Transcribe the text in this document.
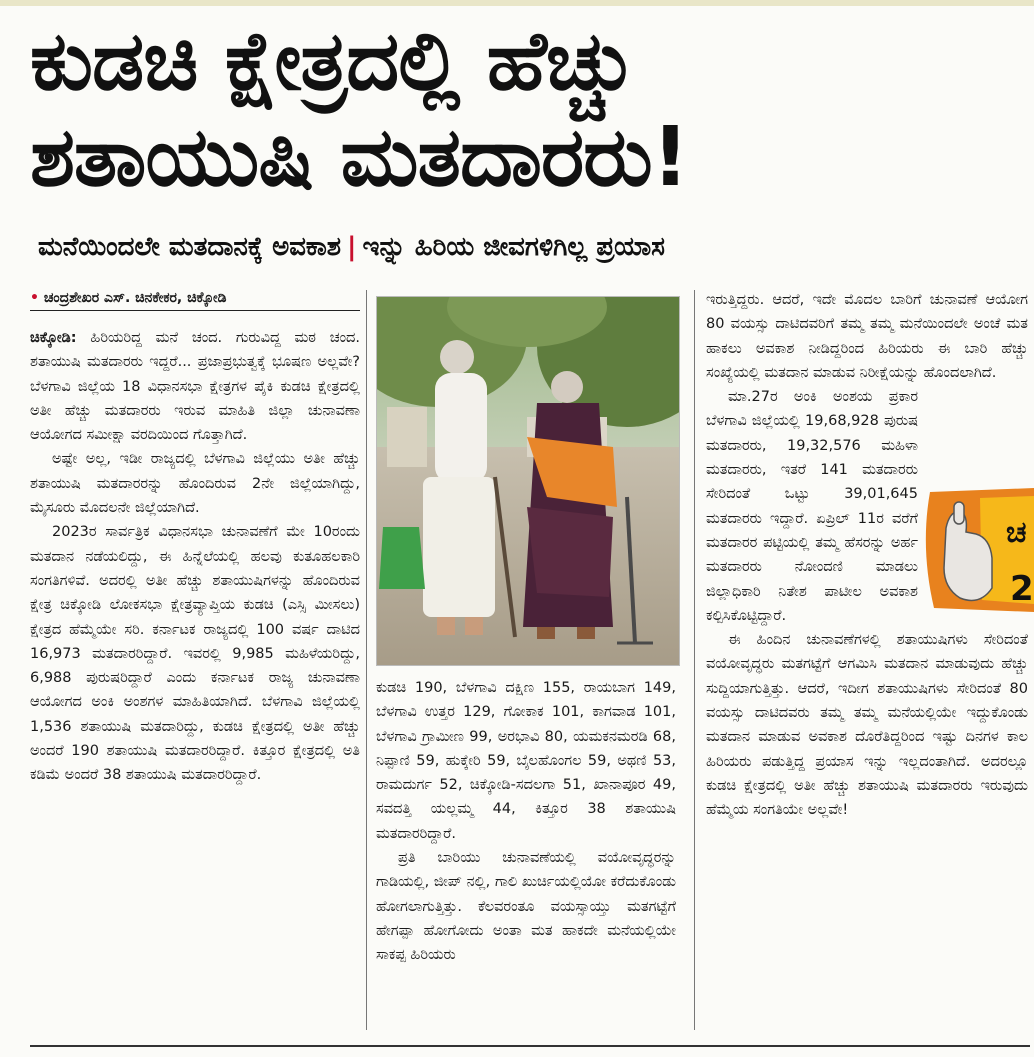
ಕುಡಚಿ ಕ್ಷೇತ್ರದಲ್ಲಿ ಹೆಚ್ಚು
ಶತಾಯುಷಿ ಮತದಾರರು!
ಮನೆಯಿಂದಲೇ ಮತದಾನಕ್ಕೆ ಅವಕಾಶ | ಇನ್ನು ಹಿರಿಯ ಜೀವಗಳಿಗಿಲ್ಲ ಪ್ರಯಾಸ
• ಚಂದ್ರಶೇಖರ ಎಸ್. ಚಿನಕೇಕರ, ಚಿಕ್ಕೋಡಿ

ಚಿಕ್ಕೋಡಿ: ಹಿರಿಯರಿದ್ದ ಮನೆ ಚಂದ. ಗುರುವಿದ್ದ ಮಠ ಚಂದ. ಶತಾಯುಷಿ ಮತದಾರರು ಇದ್ದರೆ... ಪ್ರಜಾಪ್ರಭುತ್ವಕ್ಕೆ ಭೂಷಣ ಅಲ್ಲವೇ? ಬೆಳಗಾವಿ ಜಿಲ್ಲೆಯ 18 ವಿಧಾನಸಭಾ ಕ್ಷೇತ್ರಗಳ ಪೈಕಿ ಕುಡಚಿ ಕ್ಷೇತ್ರದಲ್ಲಿ ಅತೀ ಹೆಚ್ಚು ಮತದಾರರು ಇರುವ ಮಾಹಿತಿ ಜಿಲ್ಲಾ ಚುನಾವಣಾ ಆಯೋಗದ ಸಮೀಕ್ಷಾ ವರದಿಯಿಂದ ಗೊತ್ತಾಗಿದೆ.

ಅಷ್ಟೇ ಅಲ್ಲ, ಇಡೀ ರಾಜ್ಯದಲ್ಲಿ ಬೆಳಗಾವಿ ಜಿಲ್ಲೆಯು ಅತೀ ಹೆಚ್ಚು ಶತಾಯುಷಿ ಮತದಾರರನ್ನು ಹೊಂದಿರುವ 2ನೇ ಜಿಲ್ಲೆಯಾಗಿದ್ದು, ಮೈಸೂರು ಮೊದಲನೇ ಜಿಲ್ಲೆಯಾಗಿದೆ.

2023ರ ಸಾರ್ವತ್ರಿಕ ವಿಧಾನಸಭಾ ಚುನಾವಣೆಗೆ ಮೇ 10ರಂದು ಮತದಾನ ನಡೆಯಲಿದ್ದು, ಈ ಹಿನ್ನೆಲೆಯಲ್ಲಿ ಹಲವು ಕುತೂಹಲಕಾರಿ ಸಂಗತಿಗಳಿವೆ. ಅದರಲ್ಲಿ ಅತೀ ಹೆಚ್ಚು ಶತಾಯುಷಿಗಳನ್ನು ಹೊಂದಿರುವ ಕ್ಷೇತ್ರ ಚಿಕ್ಕೋಡಿ ಲೋಕಸಭಾ ಕ್ಷೇತ್ರವ್ಯಾಪ್ತಿಯ ಕುಡಚಿ (ಎಸ್ಸಿ ಮೀಸಲು) ಕ್ಷೇತ್ರದ ಹೆಮ್ಮೆಯೇ ಸರಿ. ಕರ್ನಾಟಕ ರಾಜ್ಯದಲ್ಲಿ 100 ವರ್ಷ ದಾಟಿದ 16,973 ಮತದಾರರಿದ್ದಾರೆ. ಇವರಲ್ಲಿ 9,985 ಮಹಿಳೆಯರಿದ್ದು, 6,988 ಪುರುಷರಿದ್ದಾರೆ ಎಂದು ಕರ್ನಾಟಕ ರಾಜ್ಯ ಚುನಾವಣಾ ಆಯೋಗದ ಅಂಕಿ ಅಂಶಗಳ ಮಾಹಿತಿಯಾಗಿದೆ. ಬೆಳಗಾವಿ ಜಿಲ್ಲೆಯಲ್ಲಿ 1,536 ಶತಾಯುಷಿ ಮತದಾರಿದ್ದು, ಕುಡಚಿ ಕ್ಷೇತ್ರದಲ್ಲಿ ಅತೀ ಹೆಚ್ಚು ಅಂದರೆ 190 ಶತಾಯುಷಿ ಮತದಾರರಿದ್ದಾರೆ. ಕಿತ್ತೂರ ಕ್ಷೇತ್ರದಲ್ಲಿ ಅತಿ ಕಡಿಮೆ ಅಂದರೆ 38 ಶತಾಯುಷಿ ಮತದಾರರಿದ್ದಾರೆ.

ಕುಡಚಿ 190, ಬೆಳಗಾವಿ ದಕ್ಷಿಣ 155, ರಾಯಬಾಗ 149, ಬೆಳಗಾವಿ ಉತ್ತರ 129, ಗೋಕಾಕ 101, ಕಾಗವಾಡ 101, ಬೆಳಗಾವಿ ಗ್ರಾಮೀಣ 99, ಅರಭಾವಿ 80, ಯಮಕನಮರಡಿ 68, ನಿಪ್ಪಾಣಿ 59, ಹುಕ್ಕೇರಿ 59, ಬೈಲಹೊಂಗಲ 59, ಅಥಣಿ 53, ರಾಮದುರ್ಗ 52, ಚಿಕ್ಕೋಡಿ-ಸದಲಗಾ 51, ಖಾನಾಪೂರ 49, ಸವದತ್ತಿ ಯಲ್ಲಮ್ಮ 44, ಕಿತ್ತೂರ 38 ಶತಾಯುಷಿ ಮತದಾರರಿದ್ದಾರೆ.

ಪ್ರತಿ ಬಾರಿಯು ಚುನಾವಣೆಯಲ್ಲಿ ವಯೋವೃದ್ಧರನ್ನು ಗಾಡಿಯಲ್ಲಿ, ಜೀಪ್ ನಲ್ಲಿ, ಗಾಲಿ ಖುರ್ಚಿಯಲ್ಲಿಯೋ ಕರೆದುಕೊಂಡು ಹೋಗಲಾಗುತ್ತಿತ್ತು. ಕೆಲವರಂತೂ ವಯಸ್ಸಾಯ್ತು ಮತಗಟ್ಟೆಗೆ ಹೇಗಪ್ಪಾ ಹೋಗೋದು ಅಂತಾ ಮತ ಹಾಕದೇ ಮನೆಯಲ್ಲಿಯೇ ಸಾಕಪ್ಪ ಹಿರಿಯರು

ಇರುತ್ತಿದ್ದರು. ಆದರೆ, ಇದೇ ಮೊದಲ ಬಾರಿಗೆ ಚುನಾವಣೆ ಆಯೋಗ 80 ವಯಸ್ಸು ದಾಟಿದವರಿಗೆ ತಮ್ಮ ತಮ್ಮ ಮನೆಯಿಂದಲೇ ಅಂಚೆ ಮತ ಹಾಕಲು ಅವಕಾಶ ನೀಡಿದ್ದರಿಂದ ಹಿರಿಯರು ಈ ಬಾರಿ ಹೆಚ್ಚು ಸಂಖ್ಯೆಯಲ್ಲಿ ಮತದಾನ ಮಾಡುವ ನಿರೀಕ್ಷೆಯನ್ನು ಹೊಂದಲಾಗಿದೆ.

ಮಾ.27ರ ಅಂಕಿ ಅಂಶಯ ಪ್ರಕಾರ ಬೆಳಗಾವಿ ಜಿಲ್ಲೆಯಲ್ಲಿ 19,68,928 ಪುರುಷ ಮತದಾರರು, 19,32,576 ಮಹಿಳಾ ಮತದಾರರು, ಇತರೆ 141 ಮತದಾರರು ಸೇರಿದಂತೆ ಒಟ್ಟು 39,01,645 ಮತದಾರರು ಇದ್ದಾರೆ. ಏಪ್ರಿಲ್ 11ರ ವರೆಗೆ ಮತದಾರರ ಪಟ್ಟಿಯಲ್ಲಿ ತಮ್ಮ ಹೆಸರನ್ನು ಅರ್ಹ ಮತದಾರರು ನೋಂದಣಿ ಮಾಡಲು ಜಿಲ್ಲಾಧಿಕಾರಿ ನಿತೇಶ ಪಾಟೀಲ ಅವಕಾಶ ಕಲ್ಪಿಸಿಕೊಟ್ಟಿದ್ದಾರೆ.

ಈ ಹಿಂದಿನ ಚುನಾವಣೆಗಳಲ್ಲಿ ಶತಾಯುಷಿಗಳು ಸೇರಿದಂತೆ ವಯೋವೃದ್ಧರು ಮತಗಟ್ಟೆಗೆ ಆಗಮಿಸಿ ಮತದಾನ ಮಾಡುವುದು ಹೆಚ್ಚು ಸುದ್ದಿಯಾಗುತ್ತಿತ್ತು. ಆದರೆ, ಇದೀಗ ಶತಾಯುಷಿಗಳು ಸೇರಿದಂತೆ 80 ವಯಸ್ಸು ದಾಟಿದವರು ತಮ್ಮ ತಮ್ಮ ಮನೆಯಲ್ಲಿಯೇ ಇದ್ದುಕೊಂಡು ಮತದಾನ ಮಾಡುವ ಅವಕಾಶ ದೊರೆತಿದ್ದರಿಂದ ಇಷ್ಟು ದಿನಗಳ ಕಾಲ ಹಿರಿಯರು ಪಡುತ್ತಿದ್ದ ಪ್ರಯಾಸ ಇನ್ನು ಇಲ್ಲದಂತಾಗಿದೆ. ಅದರಲ್ಲೂ ಕುಡಚಿ ಕ್ಷೇತ್ರದಲ್ಲಿ ಅತೀ ಹೆಚ್ಚು ಶತಾಯುಷಿ ಮತದಾರರು ಇರುವುದು ಹೆಮ್ಮೆಯ ಸಂಗತಿಯೇ ಅಲ್ಲವೇ!

ಚ
2
